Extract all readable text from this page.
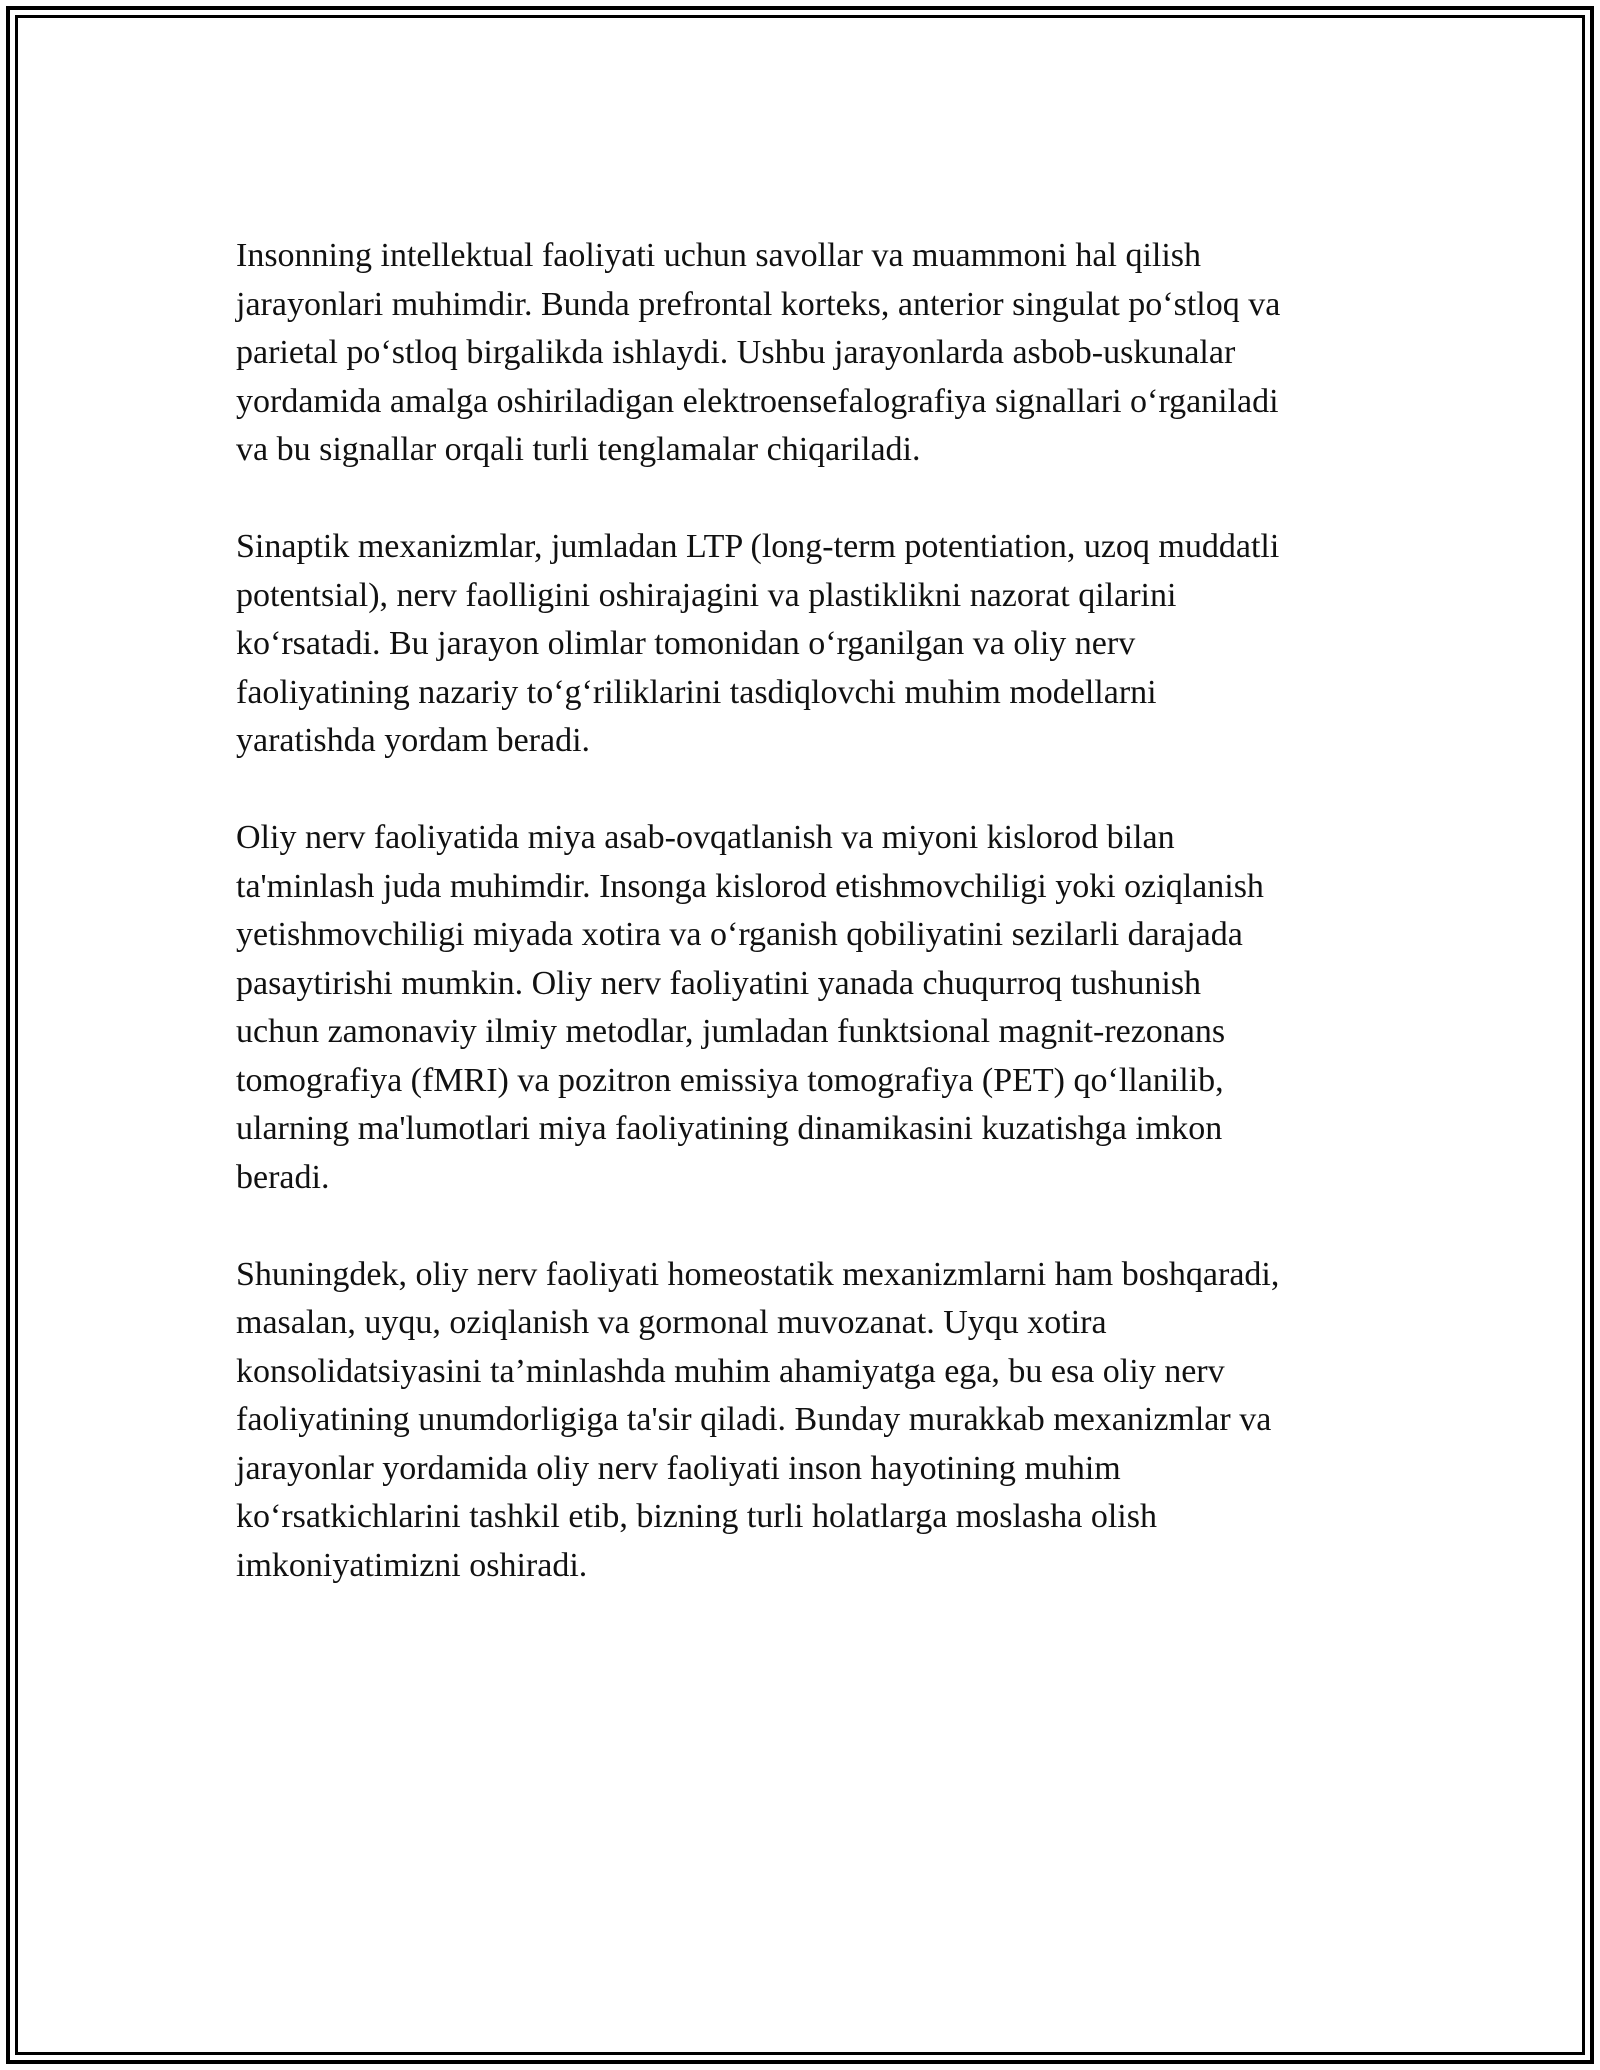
Insonning intellektual faoliyati uchun savollar va muammoni hal qilish
jarayonlari muhimdir. Bunda prefrontal korteks, anterior singulat po‘stloq va
parietal po‘stloq birgalikda ishlaydi. Ushbu jarayonlarda asbob-uskunalar
yordamida amalga oshiriladigan elektroensefalografiya signallari o‘rganiladi
va bu signallar orqali turli tenglamalar chiqariladi.

Sinaptik mexanizmlar, jumladan LTP (long-term potentiation, uzoq muddatli
potentsial), nerv faolligini oshirajagini va plastiklikni nazorat qilarini
ko‘rsatadi. Bu jarayon olimlar tomonidan o‘rganilgan va oliy nerv
faoliyatining nazariy to‘g‘riliklarini tasdiqlovchi muhim modellarni
yaratishda yordam beradi.

Oliy nerv faoliyatida miya asab-ovqatlanish va miyoni kislorod bilan
ta'minlash juda muhimdir. Insonga kislorod etishmovchiligi yoki oziqlanish
yetishmovchiligi miyada xotira va o‘rganish qobiliyatini sezilarli darajada
pasaytirishi mumkin. Oliy nerv faoliyatini yanada chuqurroq tushunish
uchun zamonaviy ilmiy metodlar, jumladan funktsional magnit-rezonans
tomografiya (fMRI) va pozitron emissiya tomografiya (PET) qo‘llanilib,
ularning ma'lumotlari miya faoliyatining dinamikasini kuzatishga imkon
beradi.

Shuningdek, oliy nerv faoliyati homeostatik mexanizmlarni ham boshqaradi,
masalan, uyqu, oziqlanish va gormonal muvozanat. Uyqu xotira
konsolidatsiyasini ta’minlashda muhim ahamiyatga ega, bu esa oliy nerv
faoliyatining unumdorligiga ta'sir qiladi. Bunday murakkab mexanizmlar va
jarayonlar yordamida oliy nerv faoliyati inson hayotining muhim
ko‘rsatkichlarini tashkil etib, bizning turli holatlarga moslasha olish
imkoniyatimizni oshiradi.
